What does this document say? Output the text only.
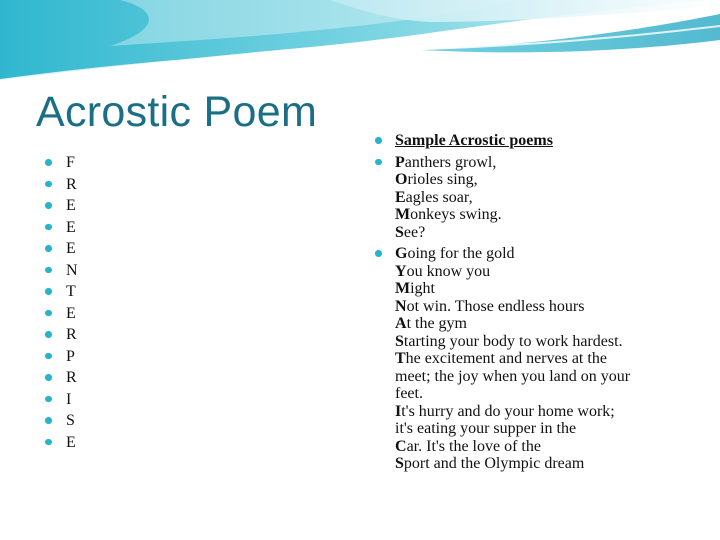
Acrostic Poem
F
R
E
E
E
N
T
E
R
P
R
I
S
E
Sample Acrostic poems
Panthers growl,
Orioles sing,
Eagles soar,
Monkeys swing.
See?
Going for the gold
You know you
Might
Not win. Those endless hours
At the gym
Starting your body to work hardest.
The excitement and nerves at the
meet; the joy when you land on your
feet.
It's hurry and do your home work;
it's eating your supper in the
Car. It's the love of the
Sport and the Olympic dream
